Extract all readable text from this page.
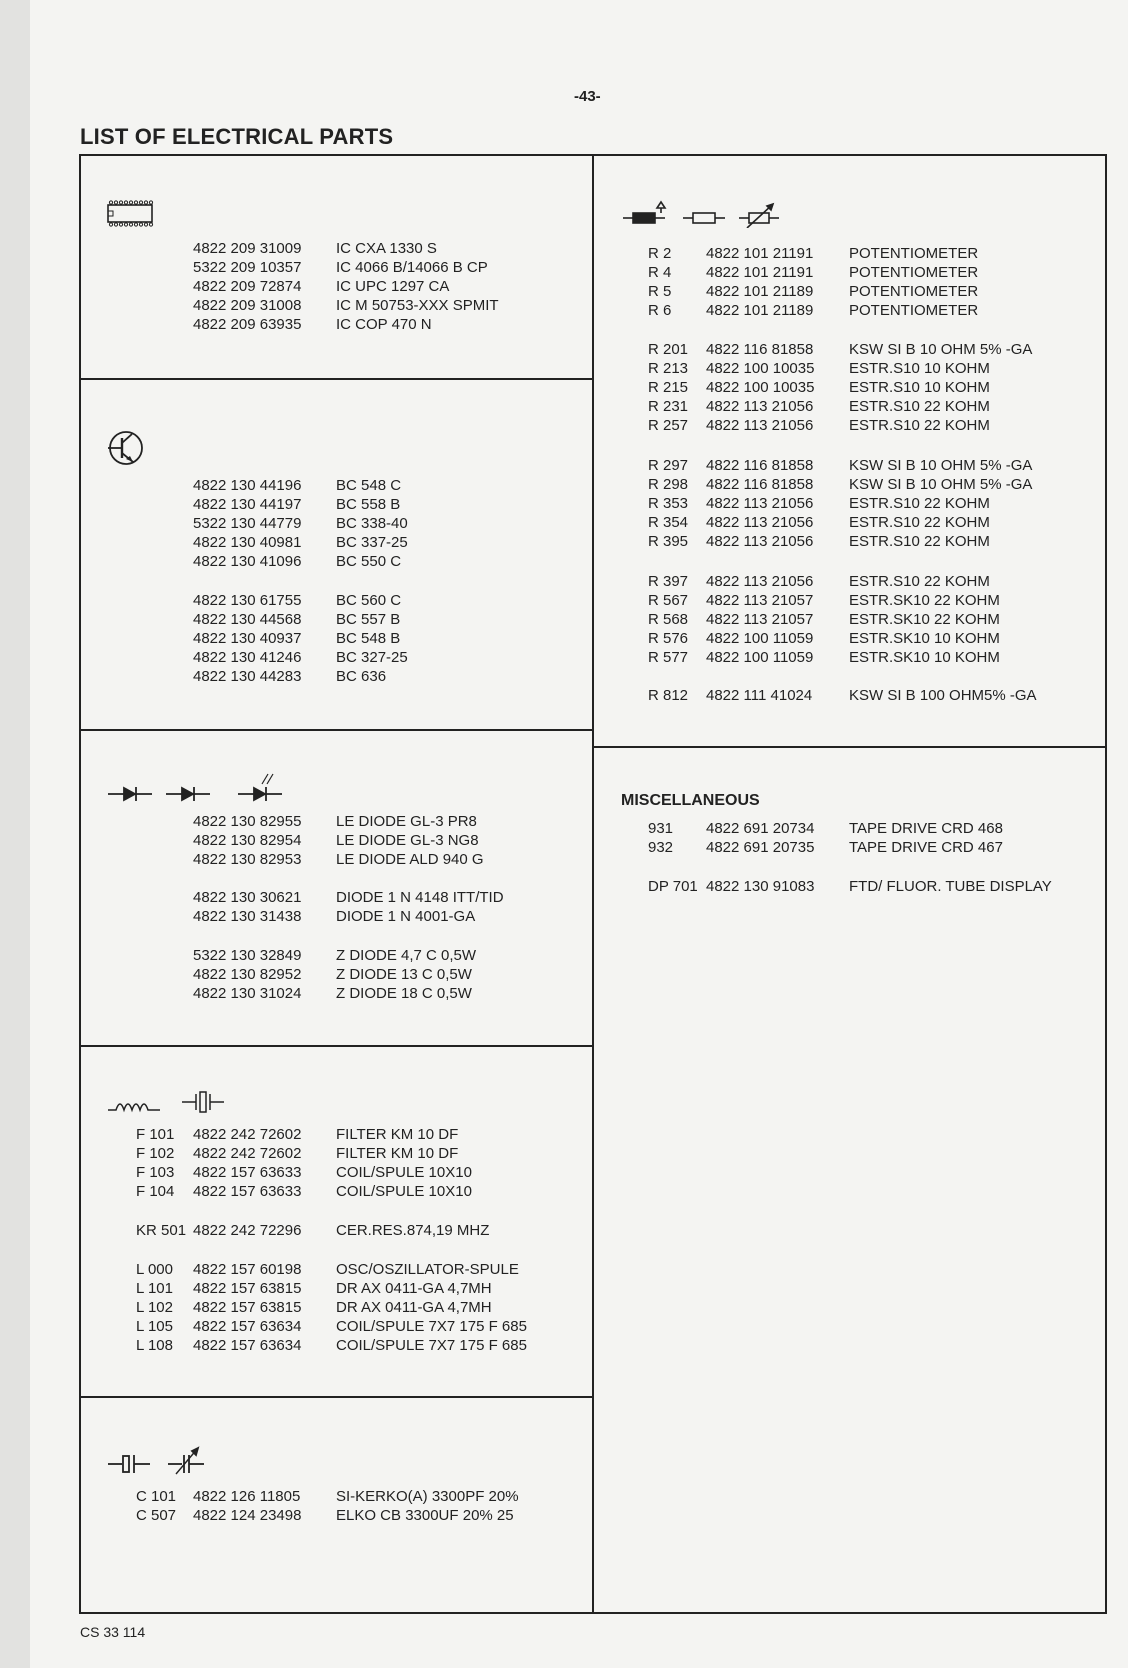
-43-
LIST OF ELECTRICAL PARTS
4822 209 31009 IC CXA 1330 S
5322 209 10357 IC 4066 B/14066 B CP
4822 209 72874 IC UPC 1297 CA
4822 209 31008 IC M 50753-XXX SPMIT
4822 209 63935 IC COP 470 N
4822 130 44196 BC 548 C
4822 130 44197 BC 558 B
5322 130 44779 BC 338-40
4822 130 40981 BC 337-25
4822 130 41096 BC 550 C
4822 130 61755 BC 560 C
4822 130 44568 BC 557 B
4822 130 40937 BC 548 B
4822 130 41246 BC 327-25
4822 130 44283 BC 636
4822 130 82955 LE DIODE GL-3 PR8
4822 130 82954 LE DIODE GL-3 NG8
4822 130 82953 LE DIODE ALD 940 G
4822 130 30621 DIODE 1 N 4148 ITT/TID
4822 130 31438 DIODE 1 N 4001-GA
5322 130 32849 Z DIODE 4,7 C 0,5W
4822 130 82952 Z DIODE 13 C 0,5W
4822 130 31024 Z DIODE 18 C 0,5W
F 101 4822 242 72602 FILTER KM 10 DF
F 102 4822 242 72602 FILTER KM 10 DF
F 103 4822 157 63633 COIL/SPULE 10X10
F 104 4822 157 63633 COIL/SPULE 10X10
KR 501 4822 242 72296 CER.RES.874,19 MHZ
L 000 4822 157 60198 OSC/OSZILLATOR-SPULE
L 101 4822 157 63815 DR AX 0411-GA 4,7MH
L 102 4822 157 63815 DR AX 0411-GA 4,7MH
L 105 4822 157 63634 COIL/SPULE 7X7 175 F 685
L 108 4822 157 63634 COIL/SPULE 7X7 175 F 685
C 101 4822 126 11805 SI-KERKO(A) 3300PF 20%
C 507 4822 124 23498 ELKO CB 3300UF 20% 25
R 2 4822 101 21191 POTENTIOMETER
R 4 4822 101 21191 POTENTIOMETER
R 5 4822 101 21189 POTENTIOMETER
R 6 4822 101 21189 POTENTIOMETER
R 201 4822 116 81858 KSW SI B 10 OHM 5% -GA
R 213 4822 100 10035 ESTR.S10 10 KOHM
R 215 4822 100 10035 ESTR.S10 10 KOHM
R 231 4822 113 21056 ESTR.S10 22 KOHM
R 257 4822 113 21056 ESTR.S10 22 KOHM
R 297 4822 116 81858 KSW SI B 10 OHM 5% -GA
R 298 4822 116 81858 KSW SI B 10 OHM 5% -GA
R 353 4822 113 21056 ESTR.S10 22 KOHM
R 354 4822 113 21056 ESTR.S10 22 KOHM
R 395 4822 113 21056 ESTR.S10 22 KOHM
R 397 4822 113 21056 ESTR.S10 22 KOHM
R 567 4822 113 21057 ESTR.SK10 22 KOHM
R 568 4822 113 21057 ESTR.SK10 22 KOHM
R 576 4822 100 11059 ESTR.SK10 10 KOHM
R 577 4822 100 11059 ESTR.SK10 10 KOHM
R 812 4822 111 41024 KSW SI B 100 OHM5% -GA
MISCELLANEOUS
931 4822 691 20734 TAPE DRIVE CRD 468
932 4822 691 20735 TAPE DRIVE CRD 467
DP 701 4822 130 91083 FTD/ FLUOR. TUBE DISPLAY
CS 33 114
